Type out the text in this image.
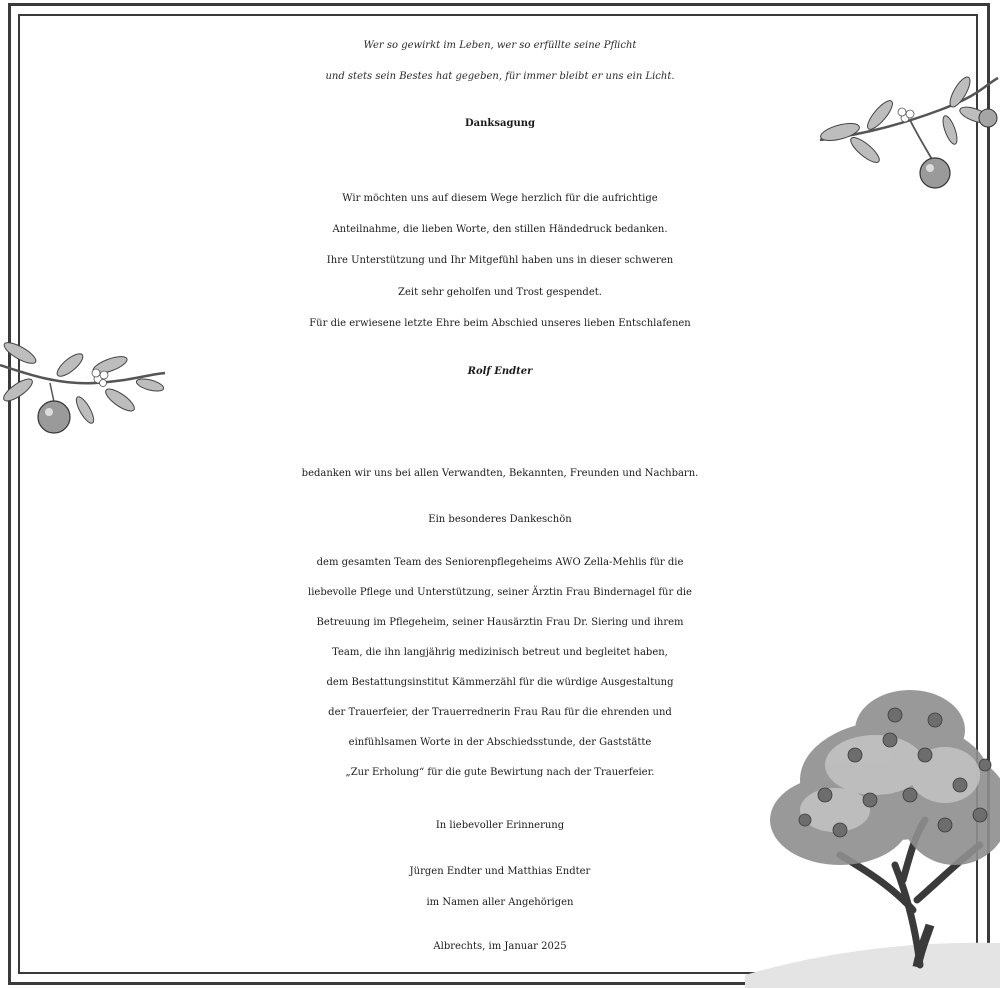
Wer so gewirkt im Leben, wer so erfüllte seine Pflicht
und stets sein Bestes hat gegeben, für immer bleibt er uns ein Licht.
Danksagung
Wir möchten uns auf diesem Wege herzlich für die aufrichtige
Anteilnahme, die lieben Worte, den stillen Händedruck bedanken.
Ihre Unterstützung und Ihr Mitgefühl haben uns in dieser schweren
Zeit sehr geholfen und Trost gespendet.
Für die erwiesene letzte Ehre beim Abschied unseres lieben Entschlafenen
Rolf Endter
bedanken wir uns bei allen Verwandten, Bekannten, Freunden und Nachbarn.
Ein besonderes Dankeschön
dem gesamten Team des Seniorenpflegeheims AWO Zella-Mehlis für die
liebevolle Pflege und Unterstützung, seiner Ärztin Frau Bindernagel für die
Betreuung im Pflegeheim, seiner Hausärztin Frau Dr. Siering und ihrem
Team, die ihn langjährig medizinisch betreut und begleitet haben,
dem Bestattungsinstitut Kämmerzähl für die würdige Ausgestaltung
der Trauerfeier, der Trauerrednerin Frau Rau für die ehrenden und
einfühlsamen Worte in der Abschiedsstunde, der Gaststätte
„Zur Erholung“ für die gute Bewirtung nach der Trauerfeier.
In liebevoller Erinnerung
Jürgen Endter und Matthias Endter
im Namen aller Angehörigen
Albrechts, im Januar 2025
